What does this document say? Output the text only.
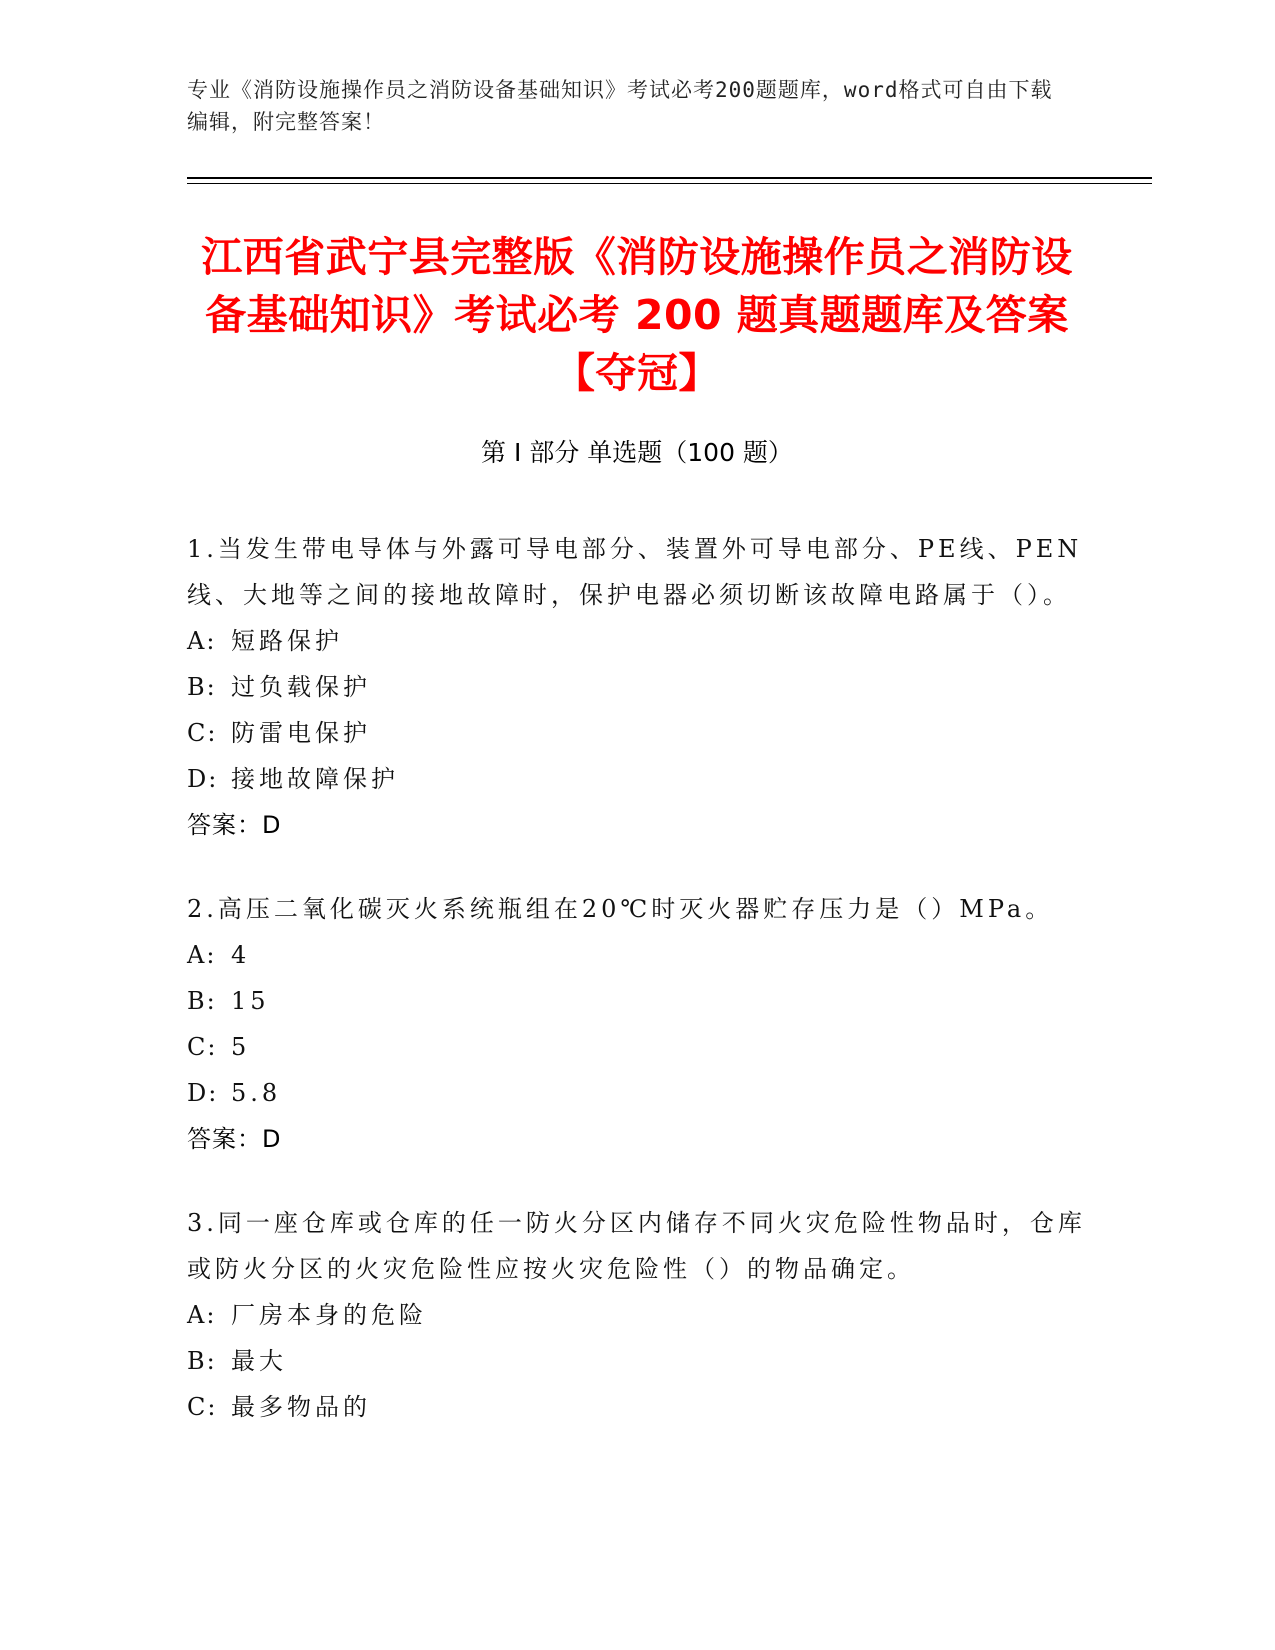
专业《消防设施操作员之消防设备基础知识》考试必考200题题库，word格式可自由下载编辑，附完整答案！
江西省武宁县完整版《消防设施操作员之消防设备基础知识》考试必考 200 题真题题库及答案【夺冠】
第 I 部分 单选题（100 题）
1.当发生带电导体与外露可导电部分、装置外可导电部分、PE线、PEN线、大地等之间的接地故障时，保护电器必须切断该故障电路属于（）。
A: 短路保护
B: 过负载保护
C: 防雷电保护
D: 接地故障保护
答案：D
2.高压二氧化碳灭火系统瓶组在20℃时灭火器贮存压力是（）MPa。
A: 4
B: 15
C: 5
D: 5.8
答案：D
3.同一座仓库或仓库的任一防火分区内储存不同火灾危险性物品时，仓库或防火分区的火灾危险性应按火灾危险性（）的物品确定。
A: 厂房本身的危险
B: 最大
C: 最多物品的
